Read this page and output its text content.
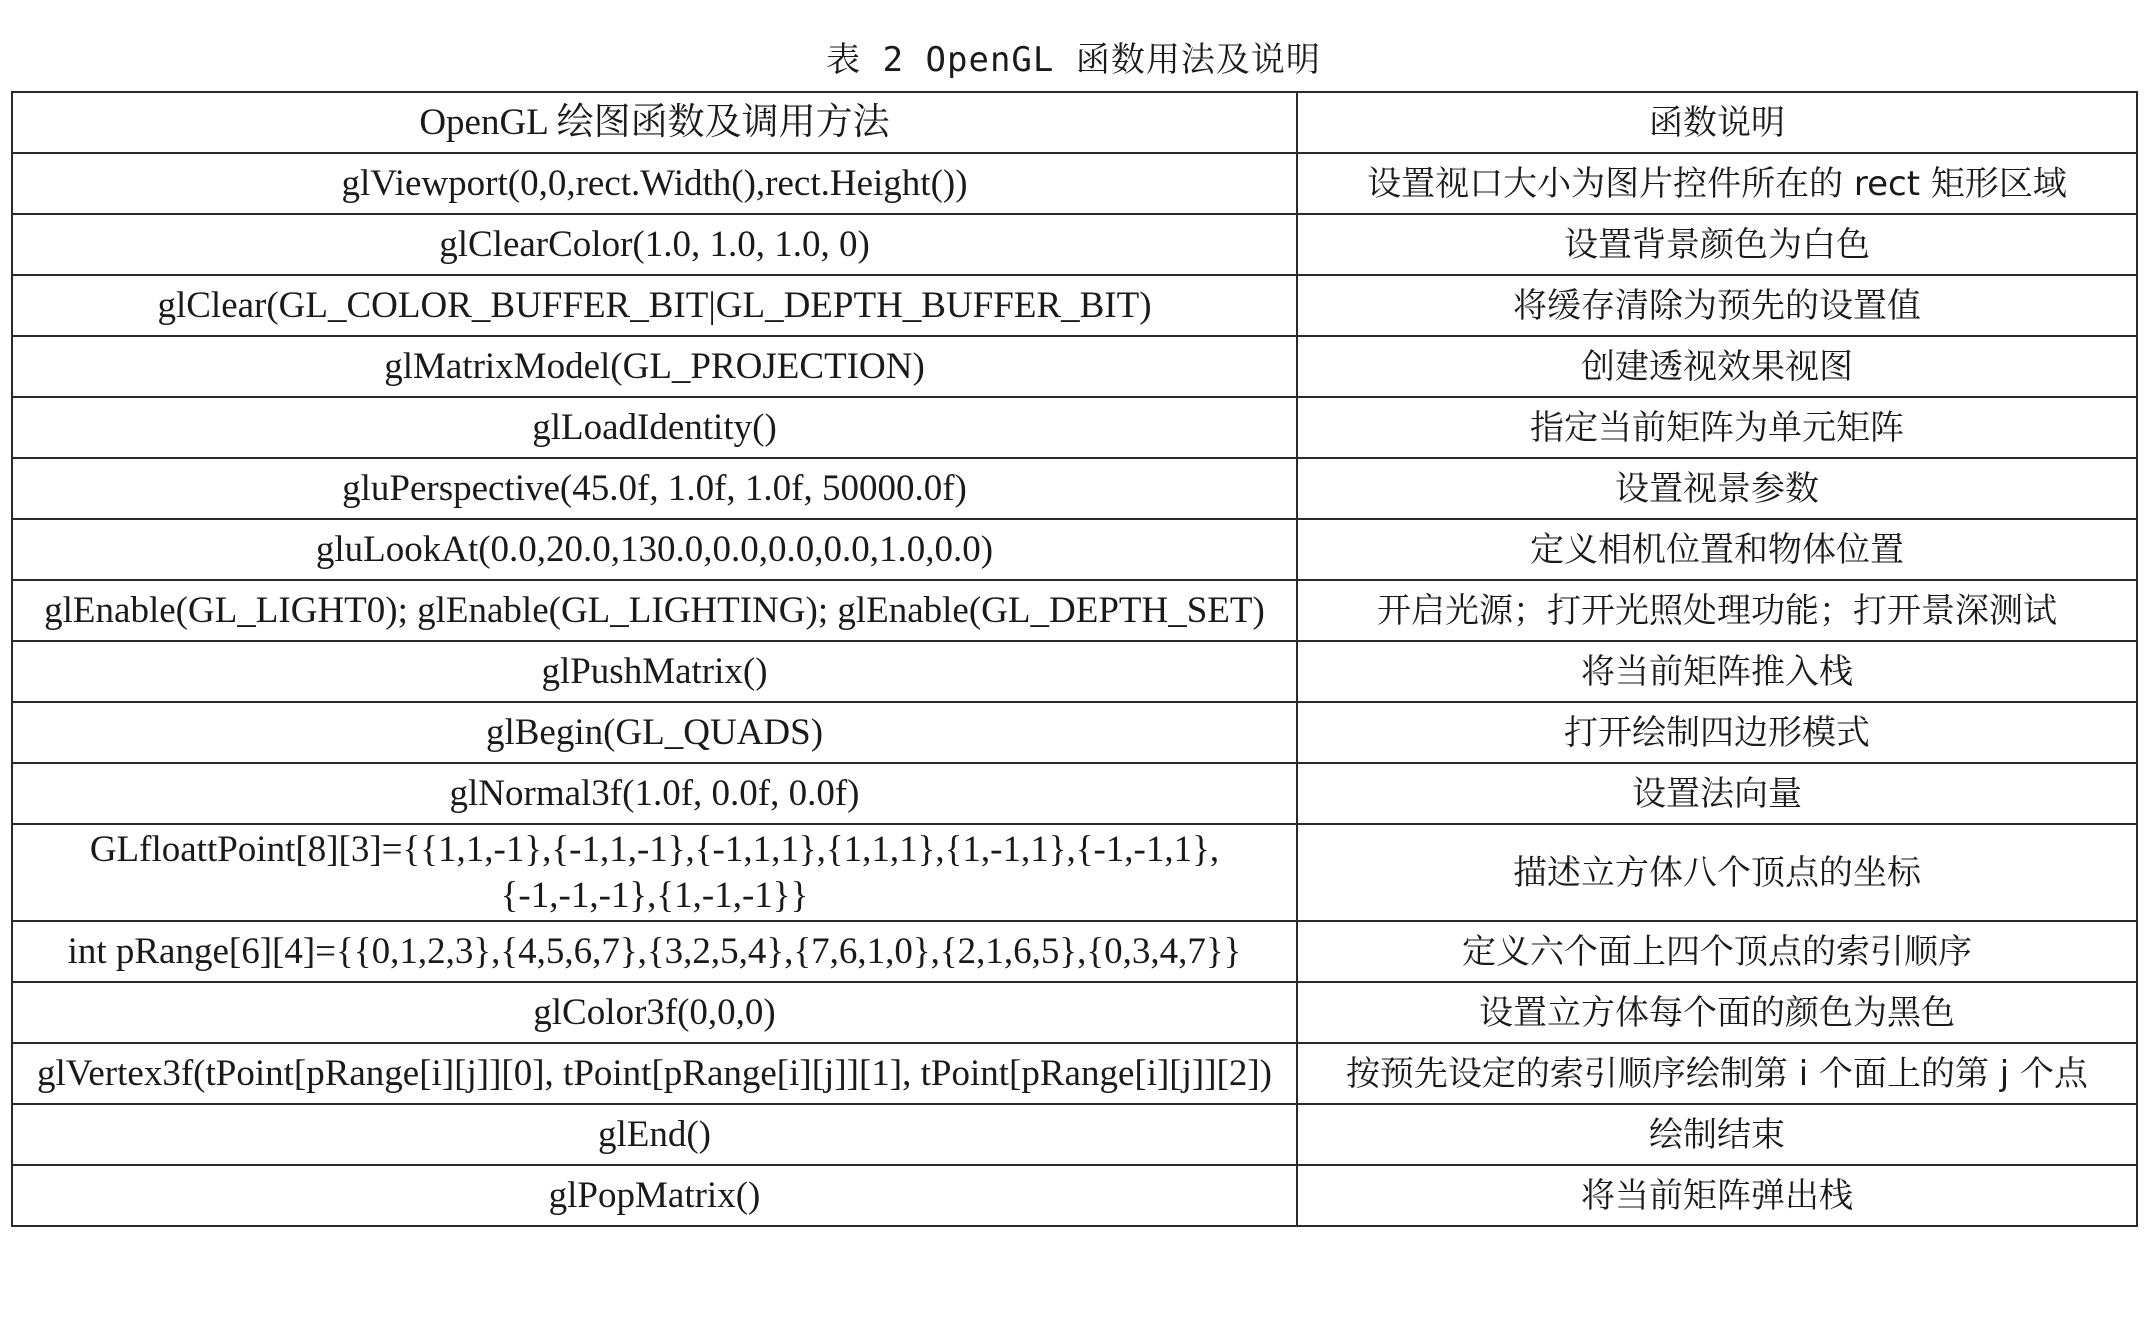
表 2 OpenGL 函数用法及说明
OpenGL 绘图函数及调用方法	函数说明
glViewport(0,0,rect.Width(),rect.Height())	设置视口大小为图片控件所在的 rect 矩形区域
glClearColor(1.0, 1.0, 1.0, 0)	设置背景颜色为白色
glClear(GL_COLOR_BUFFER_BIT|GL_DEPTH_BUFFER_BIT)	将缓存清除为预先的设置值
glMatrixModel(GL_PROJECTION)	创建透视效果视图
glLoadIdentity()	指定当前矩阵为单元矩阵
gluPerspective(45.0f, 1.0f, 1.0f, 50000.0f)	设置视景参数
gluLookAt(0.0,20.0,130.0,0.0,0.0,0.0,1.0,0.0)	定义相机位置和物体位置
glEnable(GL_LIGHT0); glEnable(GL_LIGHTING); glEnable(GL_DEPTH_SET)	开启光源；打开光照处理功能；打开景深测试
glPushMatrix()	将当前矩阵推入栈
glBegin(GL_QUADS)	打开绘制四边形模式
glNormal3f(1.0f, 0.0f, 0.0f)	设置法向量

GLfloattPoint[8][3]={{1,1,-1},{-1,1,-1},{-1,1,1},{1,1,1},{1,-1,1},{-1,-1,1},
{-1,-1,-1},{1,-1,-1}}	描述立方体八个顶点的坐标
int pRange[6][4]={{0,1,2,3},{4,5,6,7},{3,2,5,4},{7,6,1,0},{2,1,6,5},{0,3,4,7}}	定义六个面上四个顶点的索引顺序
glColor3f(0,0,0)	设置立方体每个面的颜色为黑色
glVertex3f(tPoint[pRange[i][j]][0], tPoint[pRange[i][j]][1], tPoint[pRange[i][j]][2])	按预先设定的索引顺序绘制第 i 个面上的第 j 个点
glEnd()	绘制结束
glPopMatrix()	将当前矩阵弹出栈
